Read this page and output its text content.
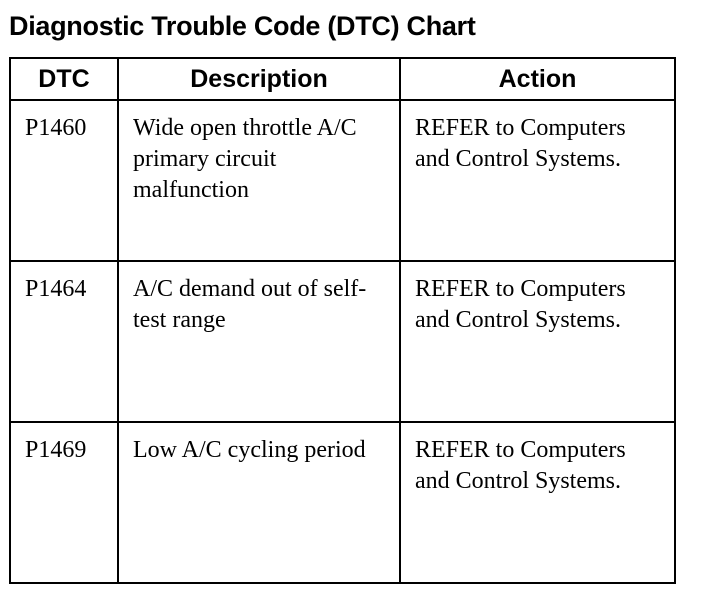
Diagnostic Trouble Code (DTC) Chart
DTC	Description	Action
P1460	Wide open throttle A/C primary circuit malfunction	REFER to Computers and Control Systems.
P1464	A/C demand out of self-test range	REFER to Computers and Control Systems.
P1469	Low A/C cycling period	REFER to Computers and Control Systems.
